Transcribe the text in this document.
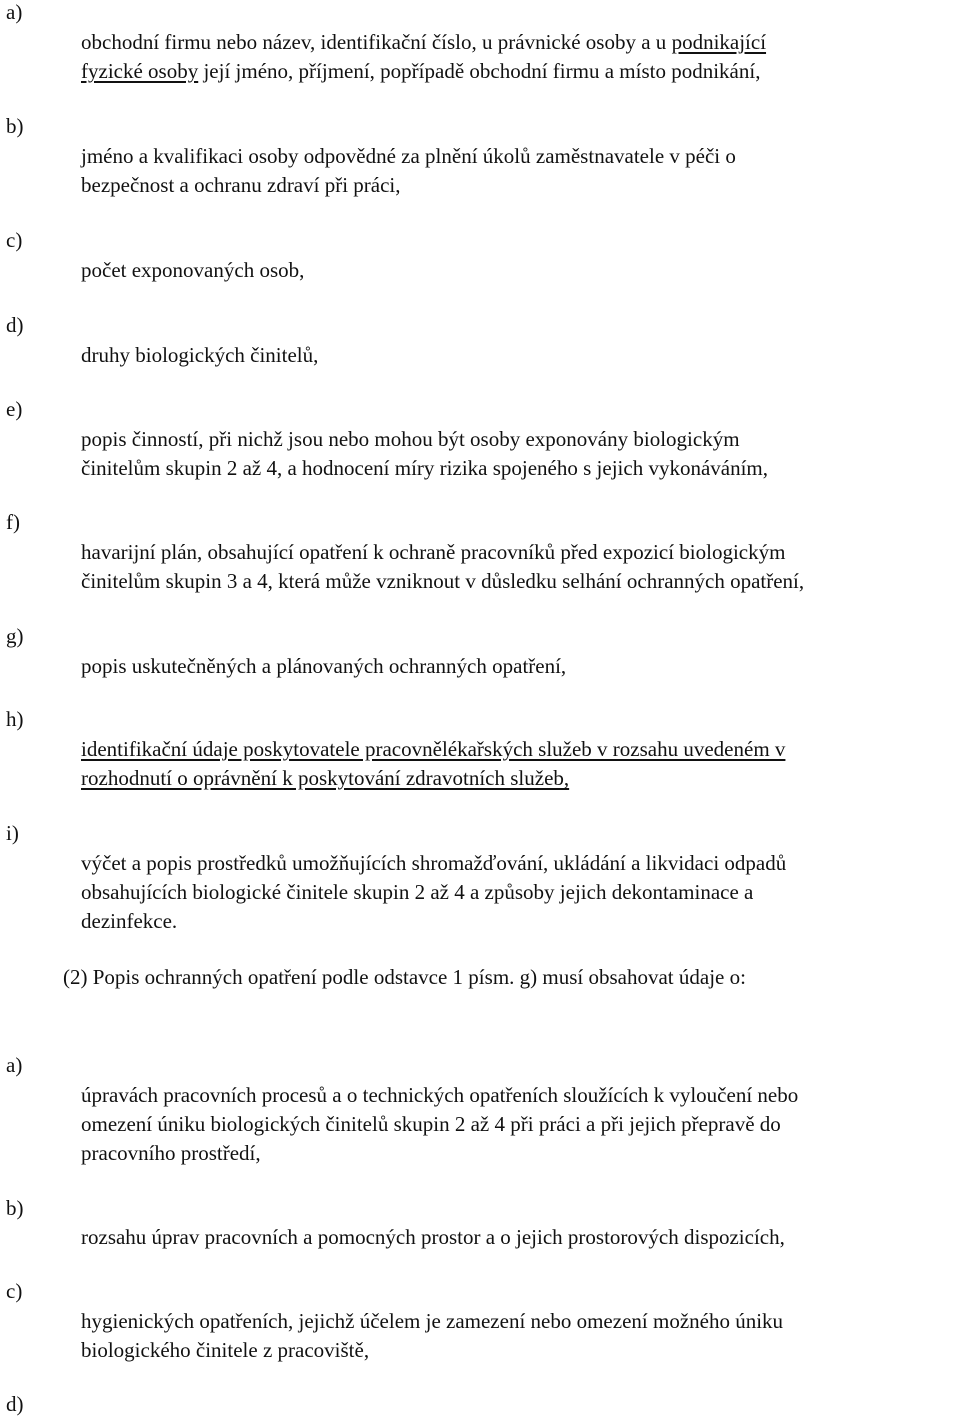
a)
obchodní firmu nebo název, identifikační číslo, u právnické osoby a u podnikající
fyzické osoby její jméno, příjmení, popřípadě obchodní firmu a místo podnikání,
b)
jméno a kvalifikaci osoby odpovědné za plnění úkolů zaměstnavatele v péči o
bezpečnost a ochranu zdraví při práci,
c)
počet exponovaných osob,
d)
druhy biologických činitelů,
e)
popis činností, při nichž jsou nebo mohou být osoby exponovány biologickým
činitelům skupin 2 až 4, a hodnocení míry rizika spojeného s jejich vykonáváním,
f)
havarijní plán, obsahující opatření k ochraně pracovníků před expozicí biologickým
činitelům skupin 3 a 4, která může vzniknout v důsledku selhání ochranných opatření,
g)
popis uskutečněných a plánovaných ochranných opatření,
h)
identifikační údaje poskytovatele pracovnělékařských služeb v rozsahu uvedeném v
rozhodnutí o oprávnění k poskytování zdravotních služeb,
i)
výčet a popis prostředků umožňujících shromažďování, ukládání a likvidaci odpadů
obsahujících biologické činitele skupin 2 až 4 a způsoby jejich dekontaminace a
dezinfekce.
(2) Popis ochranných opatření podle odstavce 1 písm. g) musí obsahovat údaje o:
a)
úpravách pracovních procesů a o technických opatřeních sloužících k vyloučení nebo
omezení úniku biologických činitelů skupin 2 až 4 při práci a při jejich přepravě do
pracovního prostředí,
b)
rozsahu úprav pracovních a pomocných prostor a o jejich prostorových dispozicích,
c)
hygienických opatřeních, jejichž účelem je zamezení nebo omezení možného úniku
biologického činitele z pracoviště,
d)
